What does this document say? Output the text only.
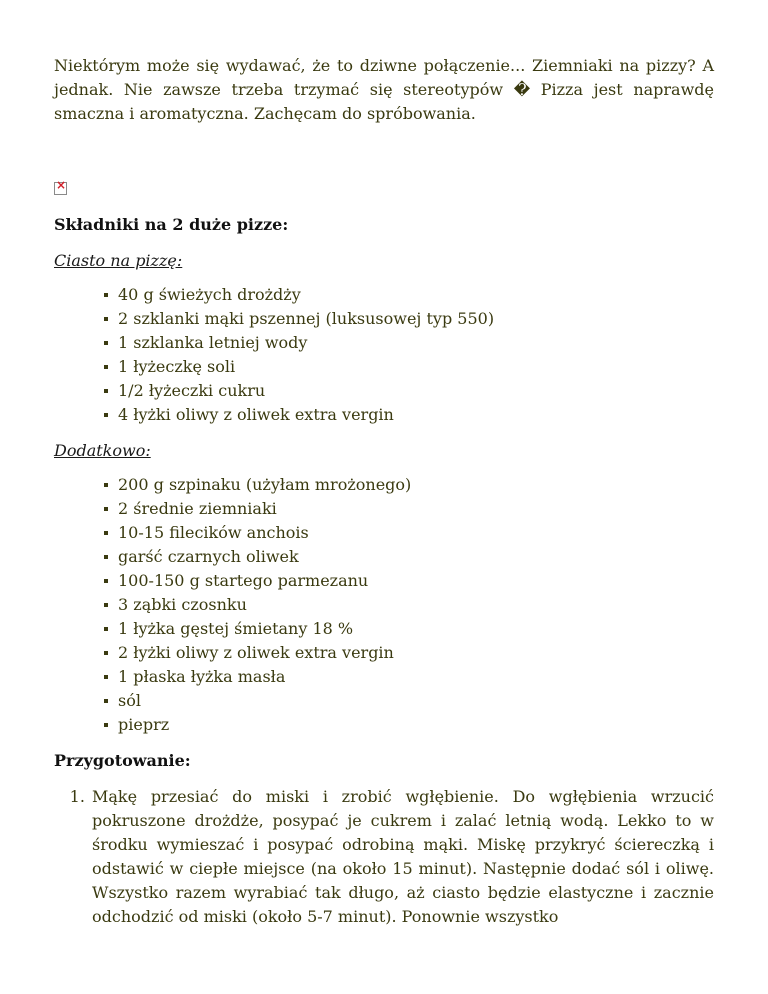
Niektórym może się wydawać, że to dziwne połączenie... Ziemniaki na pizzy? A jednak. Nie zawsze trzeba trzymać się stereotypów � Pizza jest naprawdę smaczna i aromatyczna. Zachęcam do spróbowania.

×
Składniki na 2 duże pizze:

Ciasto na pizzę:

40 g świeżych drożdży
2 szklanki mąki pszennej (luksusowej typ 550)
1 szklanka letniej wody
1 łyżeczkę soli
1/2 łyżeczki cukru
4 łyżki oliwy z oliwek extra vergin

Dodatkowo:

200 g szpinaku (użyłam mrożonego)
2 średnie ziemniaki
10-15 filecików anchois
garść czarnych oliwek
100-150 g startego parmezanu
3 ząbki czosnku
1 łyżka gęstej śmietany 18 %
2 łyżki oliwy z oliwek extra vergin
1 płaska łyżka masła
sól
pieprz
Przygotowanie:
1. Mąkę przesiać do miski i zrobić wgłębienie. Do wgłębienia wrzucić pokruszone drożdże, posypać je cukrem i zalać letnią wodą. Lekko to w środku wymieszać i posypać odrobiną mąki. Miskę przykryć ściereczką i odstawić w ciepłe miejsce (na około 15 minut). Następnie dodać sól i oliwę. Wszystko razem wyrabiać tak długo, aż ciasto będzie elastyczne i zacznie odchodzić od miski (około 5-7 minut). Ponownie wszystko
